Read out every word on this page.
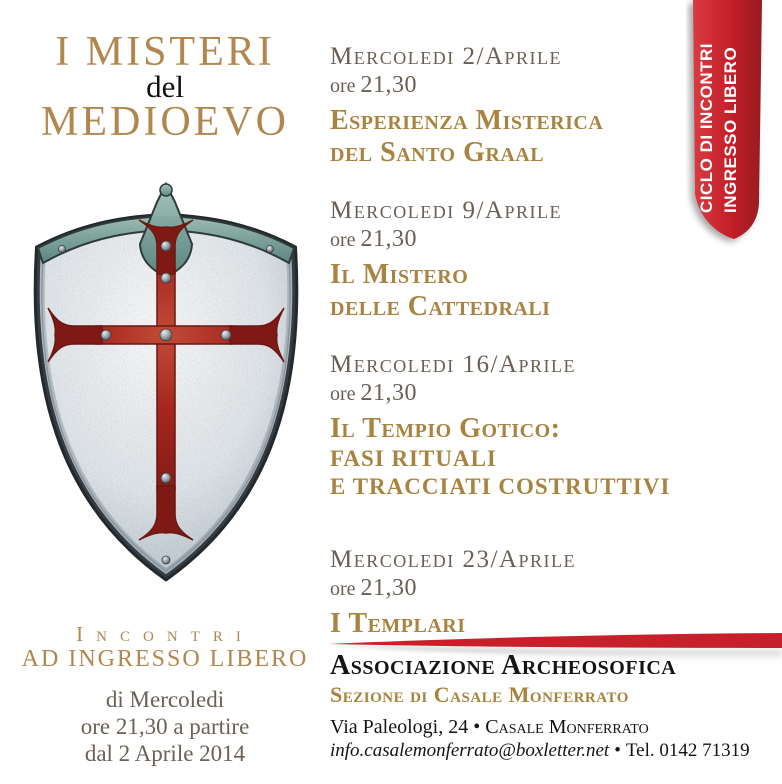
I MISTERI
del
MEDIOEVO
Incontri
AD INGRESSO LIBERO
di Mercoledi
ore 21,30 a partire
dal 2 Aprile 2014
Mercoledi 2/Aprile
ore 21,30
Esperienza Misterica
del Santo Graal
Mercoledi 9/Aprile
ore 21,30
Il Mistero
delle Cattedrali
Mercoledi 16/Aprile
ore 21,30
Il Tempio Gotico:
FASI RITUALI
E TRACCIATI COSTRUTTIVI
Mercoledi 23/Aprile
ore 21,30
I Templari
CICLO DI INCONTRI INGRESSO LIBERO
Associazione Archeosofica
Sezione di Casale Monferrato
Via Paleologi, 24 • Casale Monferrato
info.casalemonferrato@boxletter.net • Tel. 0142 71319
